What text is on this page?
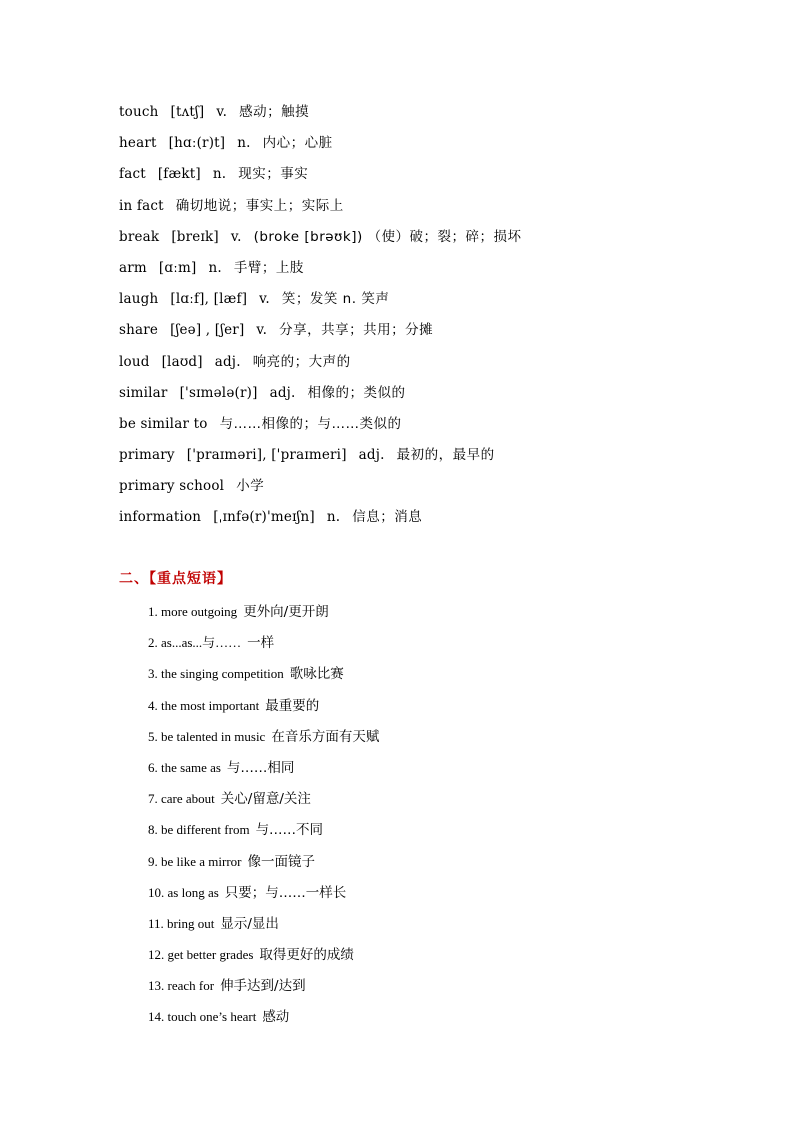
touch [tʌtʃ] v. 感动；触摸
heart [hɑː(r)t] n. 内心；心脏
fact [fækt] n. 现实；事实
in fact 确切地说；事实上；实际上
break [breɪk] v. (broke [brəʊk]) （使）破；裂；碎；损坏
arm [ɑːm] n. 手臂；上肢
laugh [lɑːf], [læf] v. 笑；发笑 n. 笑声
share [ʃeə] , [ʃer] v. 分享，共享；共用；分摊
loud [laʊd] adj. 响亮的；大声的
similar ['sɪmələ(r)] adj. 相像的；类似的
be similar to 与……相像的；与……类似的
primary ['praɪməri], ['praɪmeri] adj. 最初的，最早的
primary school 小学
information [ˌɪnfə(r)'meɪʃn] n. 信息；消息
二、【重点短语】
1. more outgoing 更外向/更开朗
2. as...as...与…… 一样
3. the singing competition 歌咏比赛
4. the most important 最重要的
5. be talented in music 在音乐方面有天赋
6. the same as 与……相同
7. care about 关心/留意/关注
8. be different from 与……不同
9. be like a mirror 像一面镜子
10. as long as 只要；与……一样长
11. bring out 显示/显出
12. get better grades 取得更好的成绩
13. reach for 伸手达到/达到
14. touch one’s heart 感动
